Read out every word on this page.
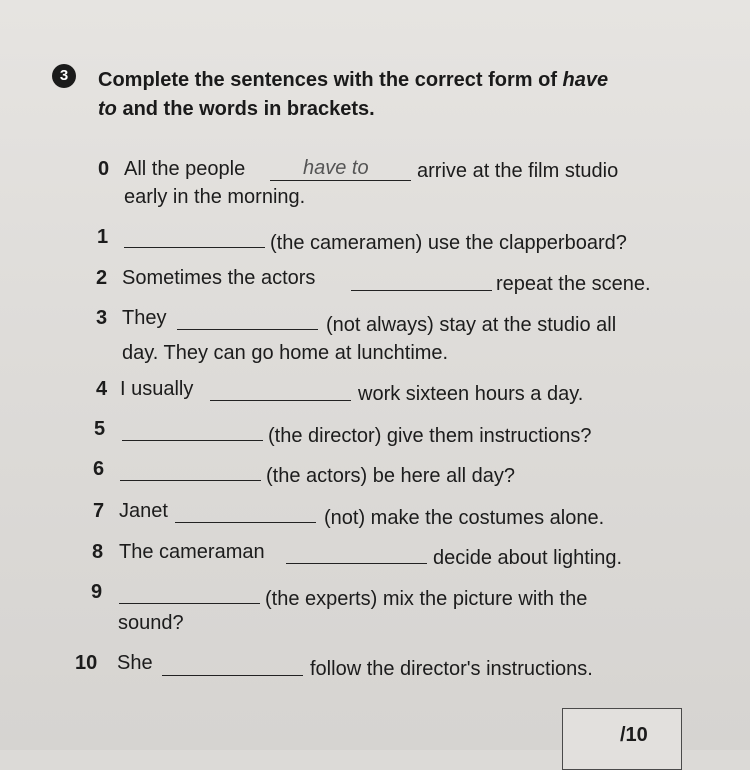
3	Complete the sentences with the correct form of have
to and the words in brackets.
0 All the people	have to arrive at the film studio
early in the morning.
1	(the cameramen) use the clapperboard?
2 Sometimes the actors	repeat the scene.
3 They	(not always) stay at the studio all
day. They can go home at lunchtime.
4 I usually	work sixteen hours a day.
5	(the director) give them instructions?
6	(the actors) be here all day?
7 Janet	(not) make the costumes alone.
8 The cameraman	decide about lighting.
9	(the experts) mix the picture with the
sound?
10 She	follow the director's instructions.
/10
